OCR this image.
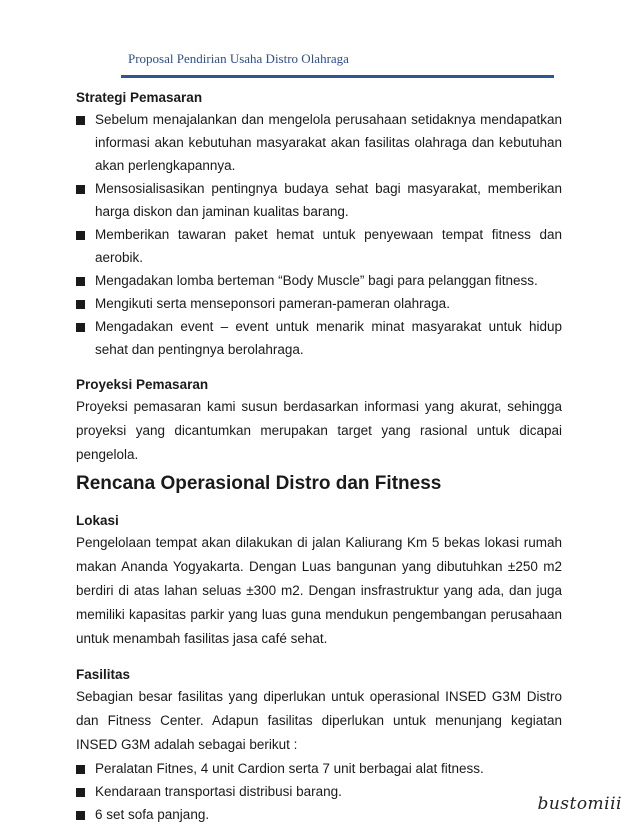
Proposal Pendirian Usaha Distro Olahraga
Strategi Pemasaran
Sebelum menajalankan dan mengelola perusahaan setidaknya mendapatkan informasi akan kebutuhan masyarakat akan fasilitas olahraga dan kebutuhan akan perlengkapannya.
Mensosialisasikan pentingnya budaya sehat bagi masyarakat, memberikan harga diskon dan jaminan kualitas barang.
Memberikan tawaran paket hemat untuk penyewaan tempat fitness dan aerobik.
Mengadakan lomba berteman “Body Muscle” bagi para pelanggan fitness.
Mengikuti serta menseponsori pameran-pameran olahraga.
Mengadakan event – event untuk menarik minat masyarakat untuk hidup sehat dan pentingnya berolahraga.
Proyeksi Pemasaran
Proyeksi pemasaran kami susun berdasarkan informasi yang akurat, sehingga proyeksi yang dicantumkan merupakan target yang rasional untuk dicapai pengelola.
Rencana Operasional Distro dan Fitness
Lokasi
Pengelolaan tempat akan dilakukan di jalan Kaliurang Km 5 bekas lokasi rumah makan Ananda Yogyakarta. Dengan Luas bangunan yang dibutuhkan ±250 m2 berdiri di atas lahan seluas ±300 m2. Dengan insfrastruktur yang ada, dan juga memiliki kapasitas parkir yang luas guna mendukun pengembangan perusahaan untuk menambah fasilitas jasa café sehat.
Fasilitas
Sebagian besar fasilitas yang diperlukan untuk operasional INSED G3M Distro dan Fitness Center. Adapun fasilitas diperlukan untuk menunjang kegiatan INSED G3M adalah sebagai berikut :
Peralatan Fitnes, 4 unit Cardion serta 7 unit berbagai alat fitness.
Kendaraan transportasi distribusi barang.
6 set sofa panjang.
bustomiii
